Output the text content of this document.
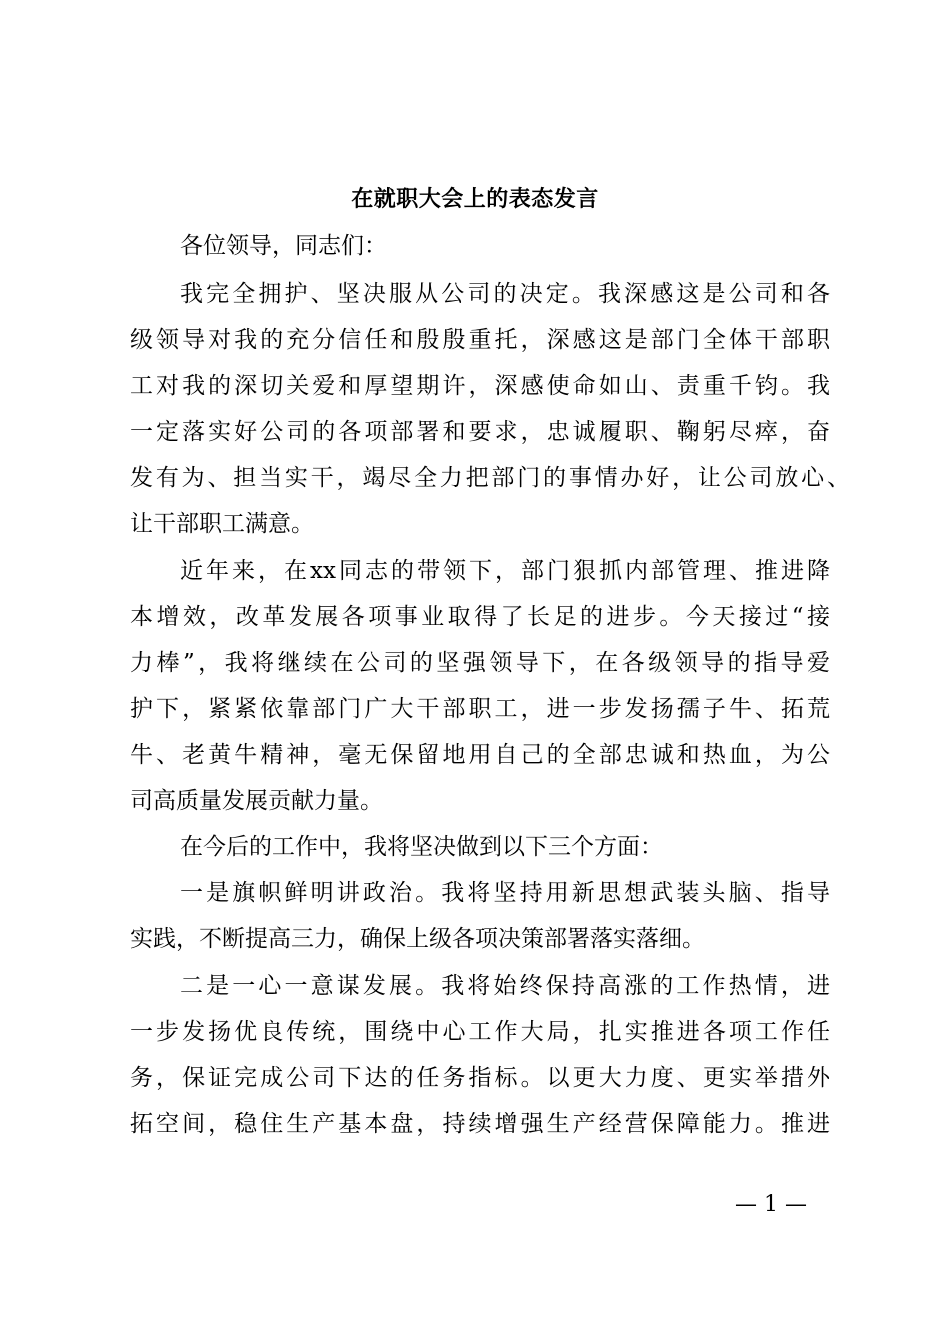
在就职大会上的表态发言
各位领导，同志们：
我完全拥护、坚决服从公司的决定。我深感这是公司和各
级领导对我的充分信任和殷殷重托，深感这是部门全体干部职
工对我的深切关爱和厚望期许，深感使命如山、责重千钧。我
一定落实好公司的各项部署和要求，忠诚履职、鞠躬尽瘁，奋
发有为、担当实干，竭尽全力把部门的事情办好，让公司放心、
让干部职工满意。
近年来，在xx同志的带领下，部门狠抓内部管理、推进降
本增效，改革发展各项事业取得了长足的进步。今天接过“接
力棒”，我将继续在公司的坚强领导下，在各级领导的指导爱
护下，紧紧依靠部门广大干部职工，进一步发扬孺子牛、拓荒
牛、老黄牛精神，毫无保留地用自己的全部忠诚和热血，为公
司高质量发展贡献力量。
在今后的工作中，我将坚决做到以下三个方面：
一是旗帜鲜明讲政治。我将坚持用新思想武装头脑、指导
实践，不断提高三力，确保上级各项决策部署落实落细。
二是一心一意谋发展。我将始终保持高涨的工作热情，进
一步发扬优良传统，围绕中心工作大局，扎实推进各项工作任
务，保证完成公司下达的任务指标。以更大力度、更实举措外
拓空间，稳住生产基本盘，持续增强生产经营保障能力。推进
— 1 —
